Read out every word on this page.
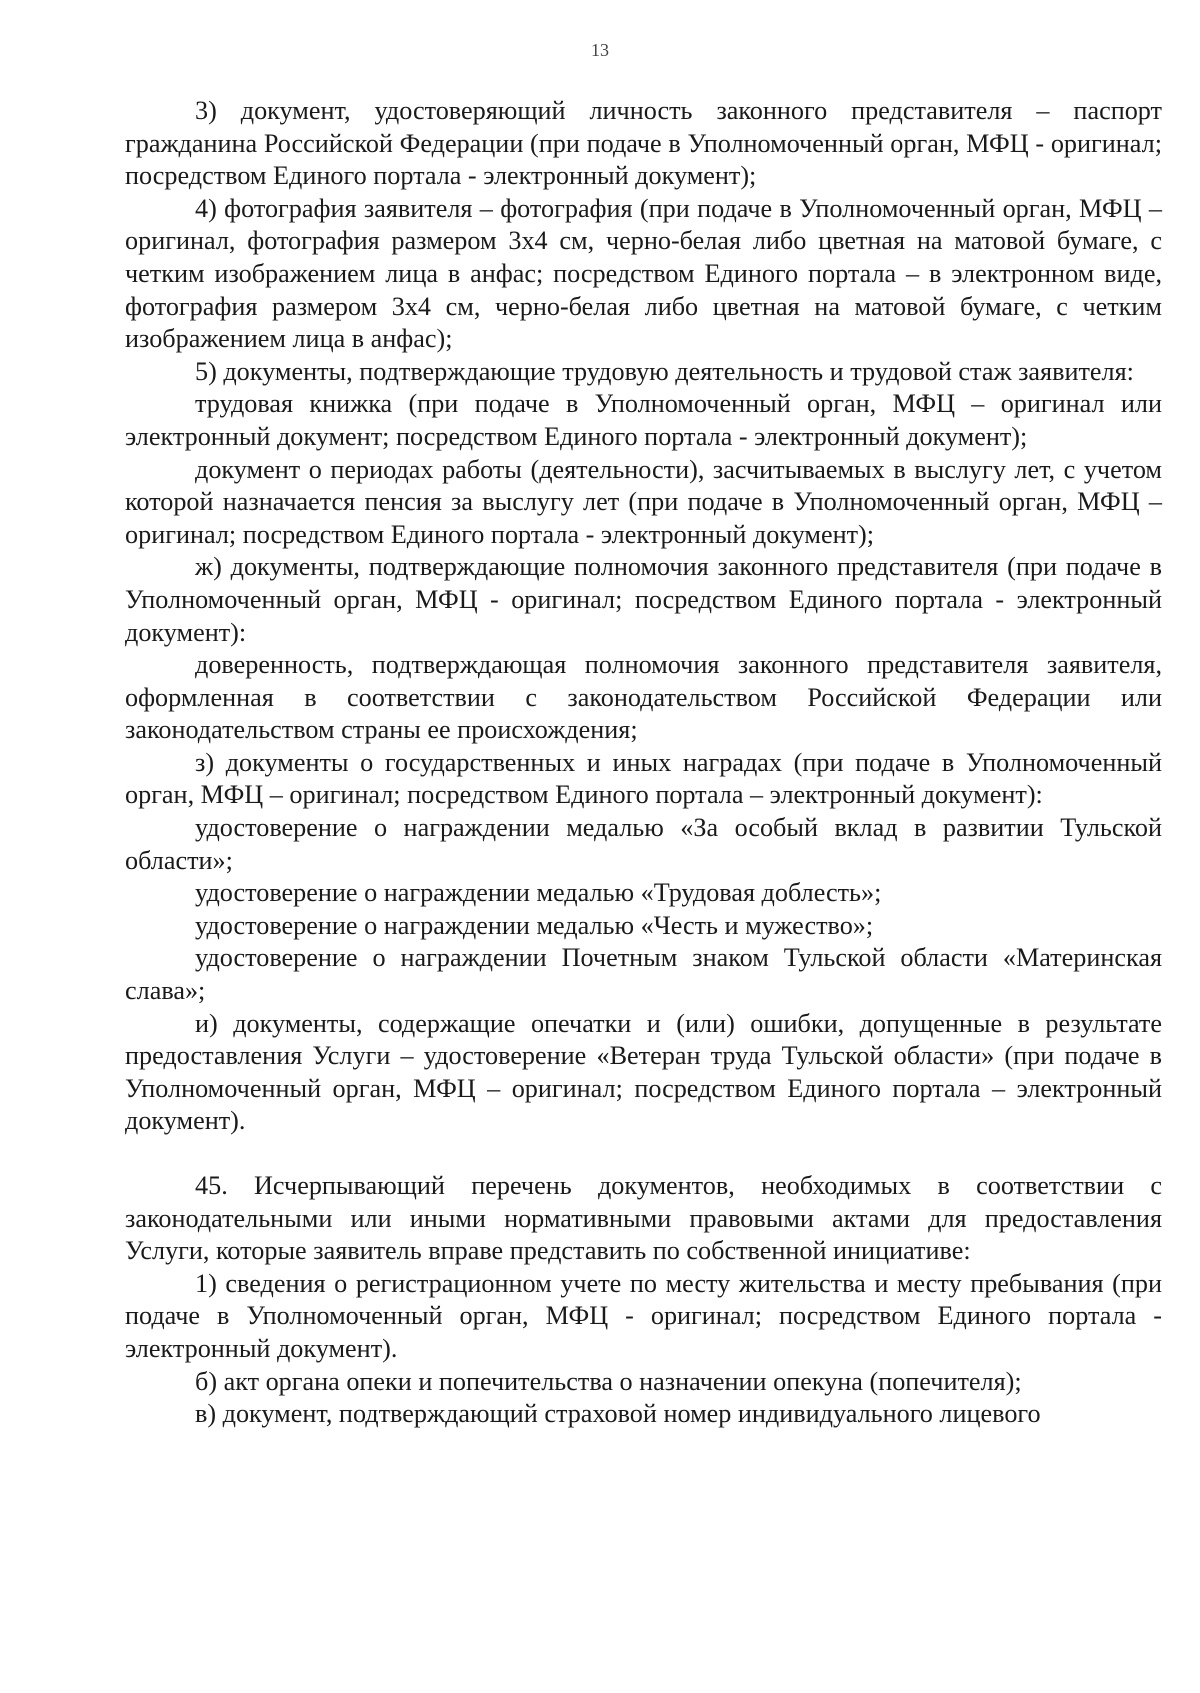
13

3) документ, удостоверяющий личность законного представителя – паспорт гражданина Российской Федерации (при подаче в Уполномоченный орган, МФЦ - оригинал; посредством Единого портала - электронный документ);

4) фотография заявителя – фотография (при подаче в Уполномоченный орган, МФЦ – оригинал, фотография размером 3х4 см, черно-белая либо цветная на матовой бумаге, с четким изображением лица в анфас; посредством Единого портала – в электронном виде, фотография размером 3х4 см, черно-белая либо цветная на матовой бумаге, с четким изображением лица в анфас);

5) документы, подтверждающие трудовую деятельность и трудовой стаж заявителя:

трудовая книжка (при подаче в Уполномоченный орган, МФЦ – оригинал или электронный документ; посредством Единого портала - электронный документ);

документ о периодах работы (деятельности), засчитываемых в выслугу лет, с учетом которой назначается пенсия за выслугу лет (при подаче в Уполномоченный орган, МФЦ – оригинал; посредством Единого портала - электронный документ);

ж) документы, подтверждающие полномочия законного представителя (при подаче в Уполномоченный орган, МФЦ - оригинал; посредством Единого портала - электронный документ):

доверенность, подтверждающая полномочия законного представителя заявителя, оформленная в соответствии с законодательством Российской Федерации или законодательством страны ее происхождения;

з) документы о государственных и иных наградах (при подаче в Уполномоченный орган, МФЦ – оригинал; посредством Единого портала – электронный документ):

удостоверение о награждении медалью «За особый вклад в развитии Тульской области»;

удостоверение о награждении медалью «Трудовая доблесть»;

удостоверение о награждении медалью «Честь и мужество»;

удостоверение о награждении Почетным знаком Тульской области «Материнская слава»;

и) документы, содержащие опечатки и (или) ошибки, допущенные в результате предоставления Услуги – удостоверение «Ветеран труда Тульской области» (при подаче в Уполномоченный орган, МФЦ – оригинал; посредством Единого портала – электронный документ).

45. Исчерпывающий перечень документов, необходимых в соответствии с законодательными или иными нормативными правовыми актами для предоставления Услуги, которые заявитель вправе представить по собственной инициативе:

1) сведения о регистрационном учете по месту жительства и месту пребывания (при подаче в Уполномоченный орган, МФЦ - оригинал; посредством Единого портала - электронный документ).

б) акт органа опеки и попечительства о назначении опекуна (попечителя);

в) документ, подтверждающий страховой номер индивидуального лицевого
